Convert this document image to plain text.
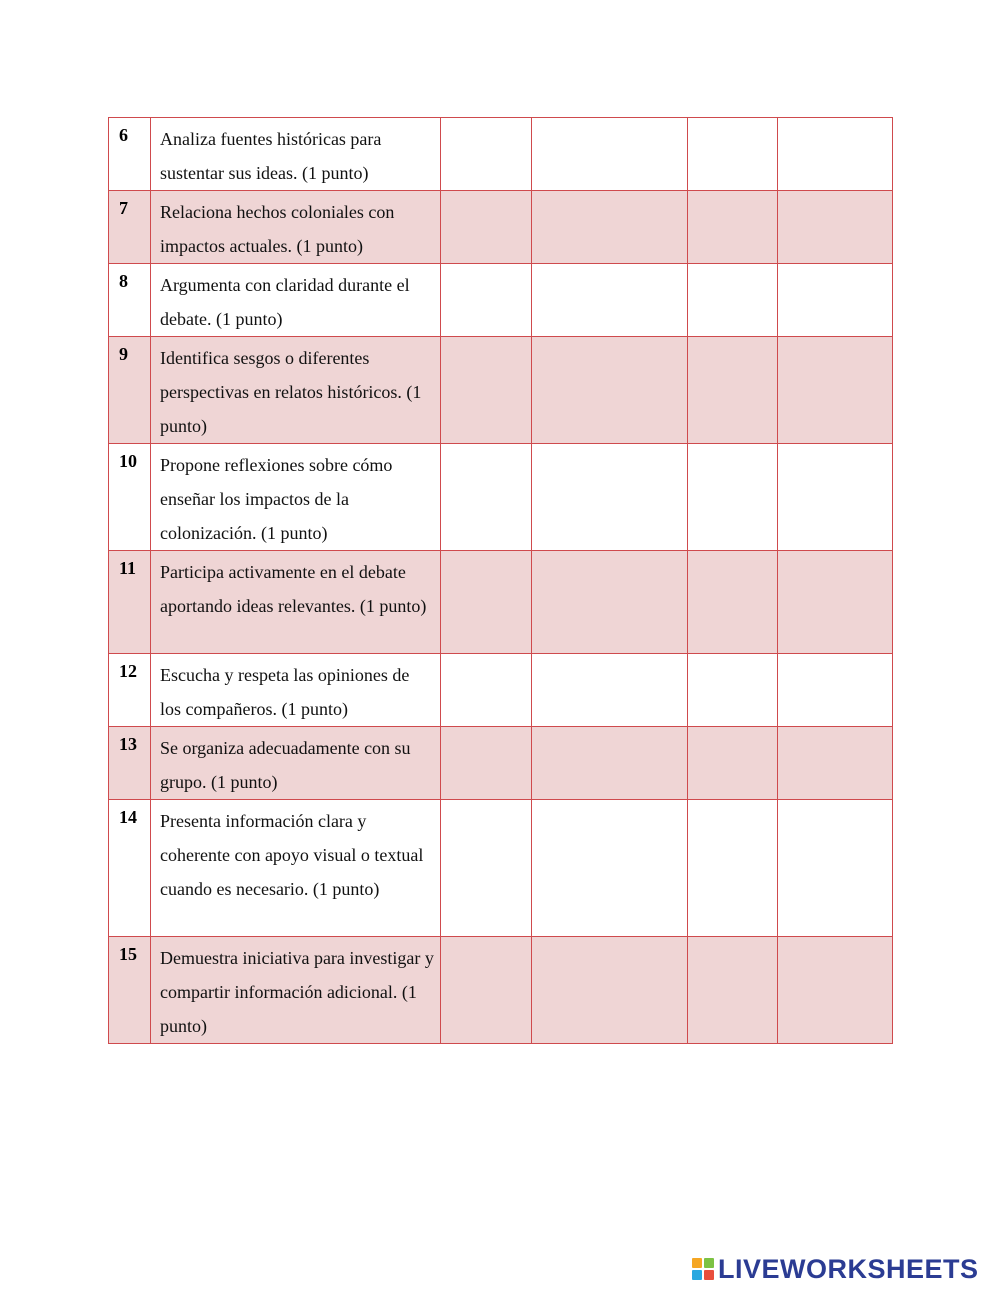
6	Analiza fuentes históricas para sustentar sus ideas. (1 punto)				

7	Relaciona hechos coloniales con impactos actuales. (1 punto)				

8	Argumenta con claridad durante el debate. (1 punto)				

9	Identifica sesgos o diferentes perspectivas en relatos históricos. (1 punto)				

10	Propone reflexiones sobre cómo enseñar los impactos de la colonización. (1 punto)				

11	Participa activamente en el debate aportando ideas relevantes. (1 punto)				

12	Escucha y respeta las opiniones de los compañeros. (1 punto)				

13	Se organiza adecuadamente con su grupo. (1 punto)				

14	Presenta información clara y coherente con apoyo visual o textual cuando es necesario. (1 punto)				

15	Demuestra iniciativa para investigar y compartir información adicional. (1 punto)				

LIVEWORKSHEETS
